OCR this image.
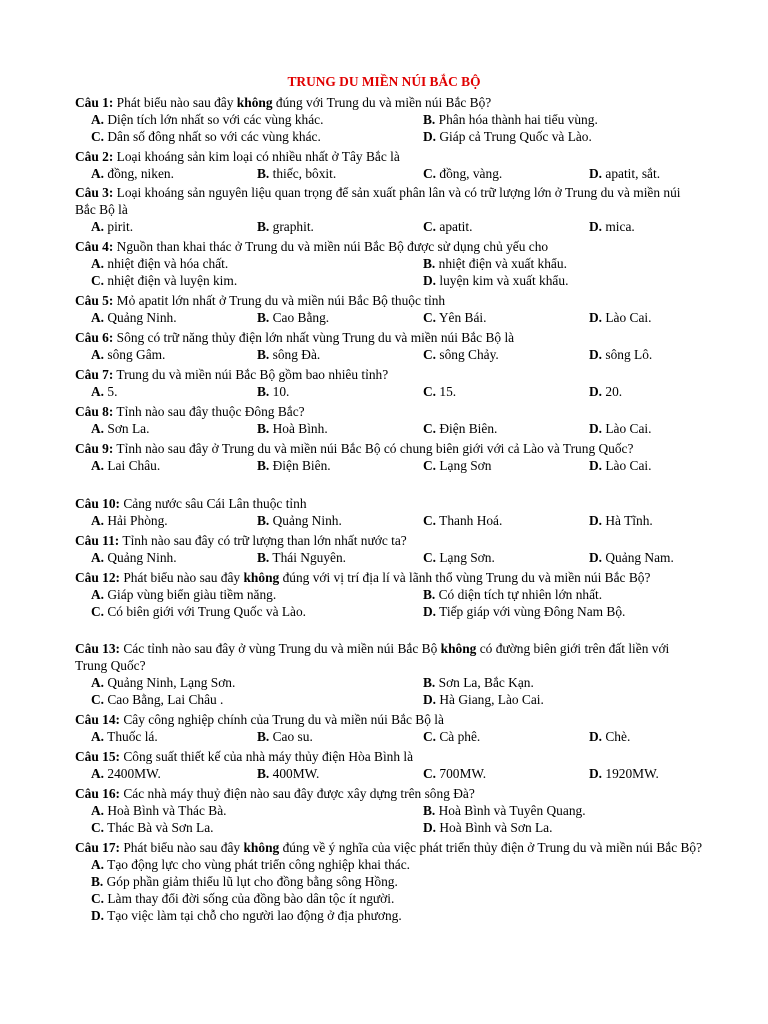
TRUNG DU MIỀN NÚI BẮC BỘ
Câu 1: Phát biểu nào sau đây không đúng với Trung du và miền núi Bắc Bộ?
A. Diện tích lớn nhất so với các vùng khác.	B. Phân hóa thành hai tiểu vùng.
C. Dân số đông nhất so với các vùng khác.	D. Giáp cả Trung Quốc và Lào.
Câu 2: Loại khoáng sản kim loại có nhiều nhất ở Tây Bắc là
A. đồng, niken.	B. thiếc, bôxit.	C. đồng, vàng.	D. apatit, sắt.
Câu 3: Loại khoáng sản nguyên liệu quan trọng để sản xuất phân lân và có trữ lượng lớn ở Trung du và miền núi Bắc Bộ là
A. pirit.	B. graphit.	C. apatit.	D. mica.
Câu 4: Nguồn than khai thác ở Trung du và miền núi Bắc Bộ được sử dụng chủ yếu cho
A. nhiệt điện và hóa chất.	B. nhiệt điện và xuất khẩu.
C. nhiệt điện và luyện kim.	D. luyện kim và xuất khẩu.
Câu 5: Mỏ apatit lớn nhất ở Trung du và miền núi Bắc Bộ thuộc tỉnh
A. Quảng Ninh.	B. Cao Bằng.	C. Yên Bái.	D. Lào Cai.
Câu 6: Sông có trữ năng thủy điện lớn nhất vùng Trung du và miền núi Bắc Bộ là
A. sông Gâm.	B. sông Đà.	C. sông Chảy.	D. sông Lô.
Câu 7: Trung du và miền núi Bắc Bộ gồm bao nhiêu tỉnh?
A. 5.	B. 10.	C. 15.	D. 20.
Câu 8: Tỉnh nào sau đây thuộc Đông Bắc?
A. Sơn La.	B. Hoà Bình.	C. Điện Biên.	D. Lào Cai.
Câu 9: Tỉnh nào sau đây ở Trung du và miền núi Bắc Bộ có chung biên giới với cả Lào và Trung Quốc?
A. Lai Châu.	B. Điện Biên.	C. Lạng Sơn	D. Lào Cai.
Câu 10: Cảng nước sâu Cái Lân thuộc tỉnh
A. Hải Phòng.	B. Quảng Ninh.	C. Thanh Hoá.	D. Hà Tĩnh.
Câu 11: Tỉnh nào sau đây có trữ lượng than lớn nhất nước ta?
A. Quảng Ninh.	B. Thái Nguyên.	C. Lạng Sơn.	D. Quảng Nam.
Câu 12: Phát biểu nào sau đây không đúng với vị trí địa lí và lãnh thổ vùng Trung du và miền núi Bắc Bộ?
A. Giáp vùng biển giàu tiềm năng.	B. Có diện tích tự nhiên lớn nhất.
C. Có biên giới với Trung Quốc và Lào.	D. Tiếp giáp với vùng Đông Nam Bộ.
Câu 13: Các tỉnh nào sau đây ở vùng Trung du và miền núi Bắc Bộ không có đường biên giới trên đất liền với Trung Quốc?
A. Quảng Ninh, Lạng Sơn.	B. Sơn La, Bắc Kạn.
C. Cao Bằng, Lai Châu .	D. Hà Giang, Lào Cai.
Câu 14: Cây công nghiệp chính của Trung du và miền núi Bắc Bộ là
A. Thuốc lá.	B. Cao su.	C. Cà phê.	D. Chè.
Câu 15: Công suất thiết kế của nhà máy thủy điện Hòa Bình là
A. 2400MW.	B. 400MW.	C. 700MW.	D. 1920MW.
Câu 16: Các nhà máy thuỷ điện nào sau đây được xây dựng trên sông Đà?
A. Hoà Bình và Thác Bà.	B. Hoà Bình và Tuyên Quang.
C. Thác Bà và Sơn La.	D. Hoà Bình và Sơn La.
Câu 17: Phát biểu nào sau đây không đúng về ý nghĩa của việc phát triển thủy điện ở Trung du và miền núi Bắc Bộ?
A. Tạo động lực cho vùng phát triển công nghiệp khai thác.
B. Góp phần giảm thiểu lũ lụt cho đồng bằng sông Hồng.
C. Làm thay đổi đời sống của đồng bào dân tộc ít người.
D. Tạo việc làm tại chỗ cho người lao động ở địa phương.
